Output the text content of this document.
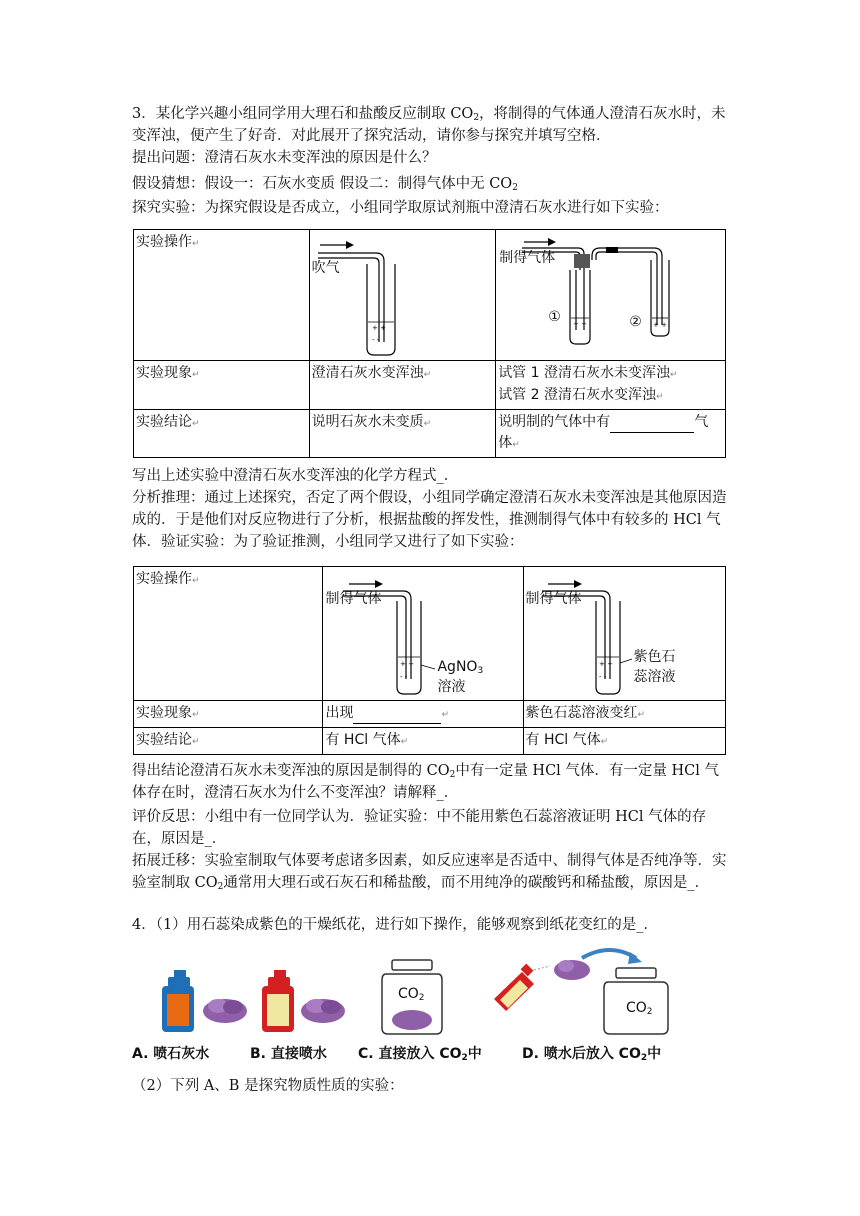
3．某化学兴趣小组同学用大理石和盐酸反应制取 $CO_2$，将制得的气体通人澄清石灰水时，未变浑浊，便产生了好奇．对此展开了探究活动，请你参与探究并填写空格．

提出问题：澄清石灰水未变浑浊的原因是什么？

假设猜想：假设一：石灰水变质 假设二：制得气体中无 $CO_2$

探究实验：为探究假设是否成立，小组同学取原试剂瓶中澄清石灰水进行如下实验：

实验操作↵	+ +
- -
吹气	+ + + +
制得气体
① ②

实验现象↵	澄清石灰水变浑浊↵	试管 1 澄清石灰水未变浑浊↵
试管 2 澄清石灰水变浑浊↵

实验结论↵	说明石灰水未变质↵	说明制的气体中有 气
体↵

写出上述实验中澄清石灰水变浑浊的化学方程式_．

分析推理：通过上述探究，否定了两个假设，小组同学确定澄清石灰水未变浑浊是其他原因造成的．于是他们对反应物进行了分析，根据盐酸的挥发性，推测制得气体中有较多的 HCl 气体．验证实验：为了验证推测，小组同学又进行了如下实验：

实验操作↵	+ +
- -
制得气体
AgNO$_3$
溶液	+ +
- -
制得气体
紫色石
蕊溶液

实验现象↵	出现 ↵	紫色石蕊溶液变红↵
实验结论↵	有 HCl 气体↵	有 HCl 气体↵

得出结论澄清石灰水未变浑浊的原因是制得的 $CO_2$中有一定量 HCl 气体．有一定量 HCl 气体存在时，澄清石灰水为什么不变浑浊？请解释_．

评价反思：小组中有一位同学认为．验证实验：中不能用紫色石蕊溶液证明 HCl 气体的存在，原因是_．

拓展迁移：实验室制取气体要考虑诸多因素，如反应速率是否适中、制得气体是否纯净等．实验室制取 $CO_2$通常用大理石或石灰石和稀盐酸，而不用纯净的碳酸钙和稀盐酸，原因是_．

4．（1）用石蕊染成紫色的干燥纸花，进行如下操作，能够观察到纸花变红的是_．

$CO_2$
$CO_2$
A. 喷石灰水	B. 直接喷水 C. 直接放入 $CO_2$中	D. 喷水后放入 $CO_2$中

（2）下列 A、B 是探究物质性质的实验：
